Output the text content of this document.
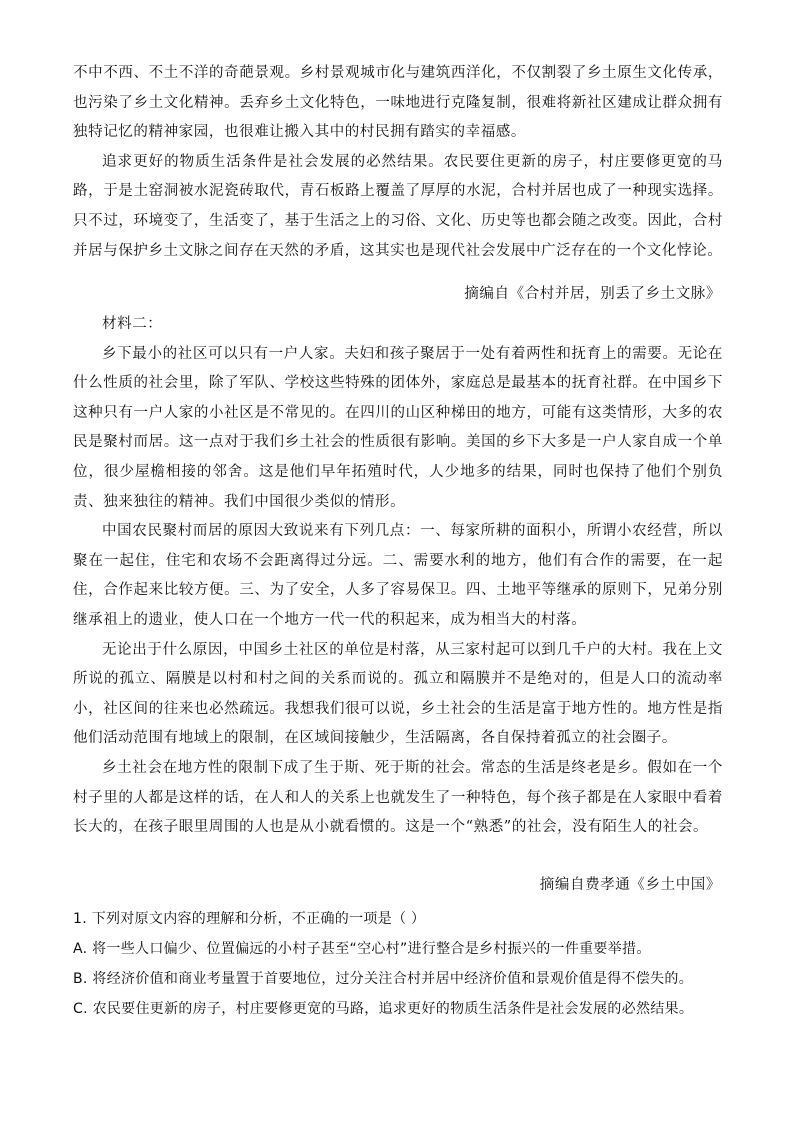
不中不西、不土不洋的奇葩景观。乡村景观城市化与建筑西洋化，不仅割裂了乡土原生文化传承，也污染了乡土文化精神。丢弃乡土文化特色，一味地进行克隆复制，很难将新社区建成让群众拥有独特记忆的精神家园，也很难让搬入其中的村民拥有踏实的幸福感。

追求更好的物质生活条件是社会发展的必然结果。农民要住更新的房子，村庄要修更宽的马路，于是土窑洞被水泥瓷砖取代，青石板路上覆盖了厚厚的水泥，合村并居也成了一种现实选择。只不过，环境变了，生活变了，基于生活之上的习俗、文化、历史等也都会随之改变。因此，合村并居与保护乡土文脉之间存在天然的矛盾，这其实也是现代社会发展中广泛存在的一个文化悖论。

摘编自《合村并居，别丢了乡土文脉》

材料二：

乡下最小的社区可以只有一户人家。夫妇和孩子聚居于一处有着两性和抚育上的需要。无论在什么性质的社会里，除了军队、学校这些特殊的团体外，家庭总是最基本的抚育社群。在中国乡下这种只有一户人家的小社区是不常见的。在四川的山区种梯田的地方，可能有这类情形，大多的农民是聚村而居。这一点对于我们乡土社会的性质很有影响。美国的乡下大多是一户人家自成一个单位，很少屋檐相接的邻舍。这是他们早年拓殖时代，人少地多的结果，同时也保持了他们个别负责、独来独往的精神。我们中国很少类似的情形。

中国农民聚村而居的原因大致说来有下列几点：一、每家所耕的面积小，所谓小农经营，所以聚在一起住，住宅和农场不会距离得过分远。二、需要水利的地方，他们有合作的需要，在一起住，合作起来比较方便。三、为了安全，人多了容易保卫。四、土地平等继承的原则下，兄弟分别继承祖上的遗业，使人口在一个地方一代一代的积起来，成为相当大的村落。

无论出于什么原因，中国乡土社区的单位是村落，从三家村起可以到几千户的大村。我在上文所说的孤立、隔膜是以村和村之间的关系而说的。孤立和隔膜并不是绝对的，但是人口的流动率小，社区间的往来也必然疏远。我想我们很可以说，乡土社会的生活是富于地方性的。地方性是指他们活动范围有地域上的限制，在区域间接触少，生活隔离，各自保持着孤立的社会圈子。

乡土社会在地方性的限制下成了生于斯、死于斯的社会。常态的生活是终老是乡。假如在一个村子里的人都是这样的话，在人和人的关系上也就发生了一种特色，每个孩子都是在人家眼中看着长大的，在孩子眼里周围的人也是从小就看惯的。这是一个“熟悉”的社会，没有陌生人的社会。

摘编自费孝通《乡土中国》
1. 下列对原文内容的理解和分析，不正确的一项是（ ）
A. 将一些人口偏少、位置偏远的小村子甚至“空心村”进行整合是乡村振兴的一件重要举措。
B. 将经济价值和商业考量置于首要地位，过分关注合村并居中经济价值和景观价值是得不偿失的。
C. 农民要住更新的房子，村庄要修更宽的马路，追求更好的物质生活条件是社会发展的必然结果。
